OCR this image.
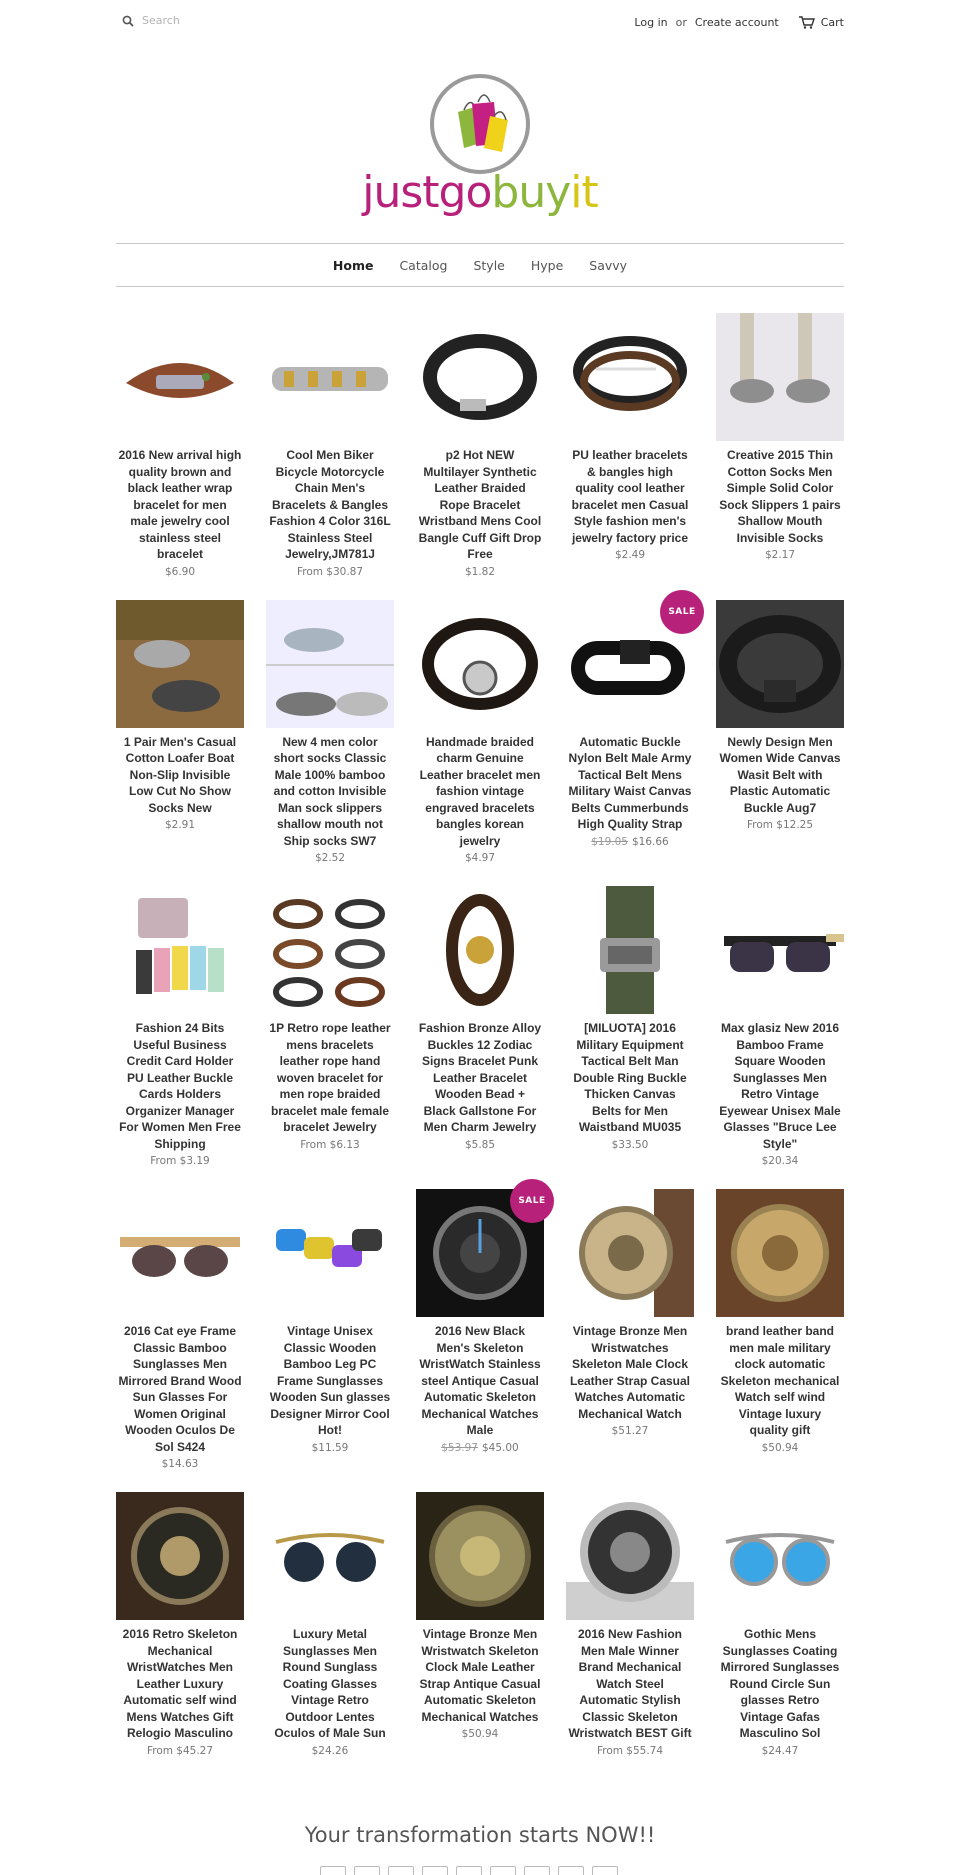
Search
Log in or Create account	Cart
justgobuyit
Home Catalog Style Hype Savvy
2016 New arrival high quality brown and black leather wrap bracelet for men male jewelry cool stainless steel bracelet
$6.90
Cool Men Biker Bicycle Motorcycle Chain Men's Bracelets & Bangles Fashion 4 Color 316L Stainless Steel Jewelry,JM781J
From $30.87
p2 Hot NEW Multilayer Synthetic Leather Braided Rope Bracelet Wristband Mens Cool Bangle Cuff Gift Drop Free
$1.82
PU leather bracelets & bangles high quality cool leather bracelet men Casual Style fashion men's jewelry factory price
$2.49
Creative 2015 Thin Cotton Socks Men Simple Solid Color Sock Slippers 1 pairs Shallow Mouth Invisible Socks
$2.17
1 Pair Men's Casual Cotton Loafer Boat Non-Slip Invisible Low Cut No Show Socks New
$2.91
New 4 men color short socks Classic Male 100% bamboo and cotton Invisible Man sock slippers shallow mouth not Ship socks SW7
$2.52
Handmade braided charm Genuine Leather bracelet men fashion vintage engraved bracelets bangles korean jewelry
$4.97
SALE
Automatic Buckle Nylon Belt Male Army Tactical Belt Mens Military Waist Canvas Belts Cummerbunds High Quality Strap
$19.05 $16.66
Newly Design Men Women Wide Canvas Wasit Belt with Plastic Automatic Buckle Aug7
From $12.25
Fashion 24 Bits Useful Business Credit Card Holder PU Leather Buckle Cards Holders Organizer Manager For Women Men Free Shipping
From $3.19
1P Retro rope leather mens bracelets leather rope hand woven bracelet for men rope braided bracelet male female bracelet Jewelry
From $6.13
Fashion Bronze Alloy Buckles 12 Zodiac Signs Bracelet Punk Leather Bracelet Wooden Bead + Black Gallstone For Men Charm Jewelry
$5.85
[MILUOTA] 2016 Military Equipment Tactical Belt Man Double Ring Buckle Thicken Canvas Belts for Men Waistband MU035
$33.50
Max glasiz New 2016 Bamboo Frame Square Wooden Sunglasses Men Retro Vintage Eyewear Unisex Male Glasses "Bruce Lee Style"
$20.34
2016 Cat eye Frame Classic Bamboo Sunglasses Men Mirrored Brand Wood Sun Glasses For Women Original Wooden Oculos De Sol S424
$14.63
Vintage Unisex Classic Wooden Bamboo Leg PC Frame Sunglasses Wooden Sun glasses Designer Mirror Cool Hot!
$11.59
SALE
2016 New Black Men's Skeleton WristWatch Stainless steel Antique Casual Automatic Skeleton Mechanical Watches Male
$53.97 $45.00
Vintage Bronze Men Wristwatches Skeleton Male Clock Leather Strap Casual Watches Automatic Mechanical Watch
$51.27
brand leather band men male military clock automatic Skeleton mechanical Watch self wind Vintage luxury quality gift
$50.94
2016 Retro Skeleton Mechanical WristWatches Men Leather Luxury Automatic self wind Mens Watches Gift Relogio Masculino
From $45.27
Luxury Metal Sunglasses Men Round Sunglass Coating Glasses Vintage Retro Outdoor Lentes Oculos of Male Sun
$24.26
Vintage Bronze Men Wristwatch Skeleton Clock Male Leather Strap Antique Casual Automatic Skeleton Mechanical Watches
$50.94
2016 New Fashion Men Male Winner Brand Mechanical Watch Steel Automatic Stylish Classic Skeleton Wristwatch BEST Gift
From $55.74
Gothic Mens Sunglasses Coating Mirrored Sunglasses Round Circle Sun glasses Retro Vintage Gafas Masculino Sol
$24.47
Your transformation starts NOW!!
